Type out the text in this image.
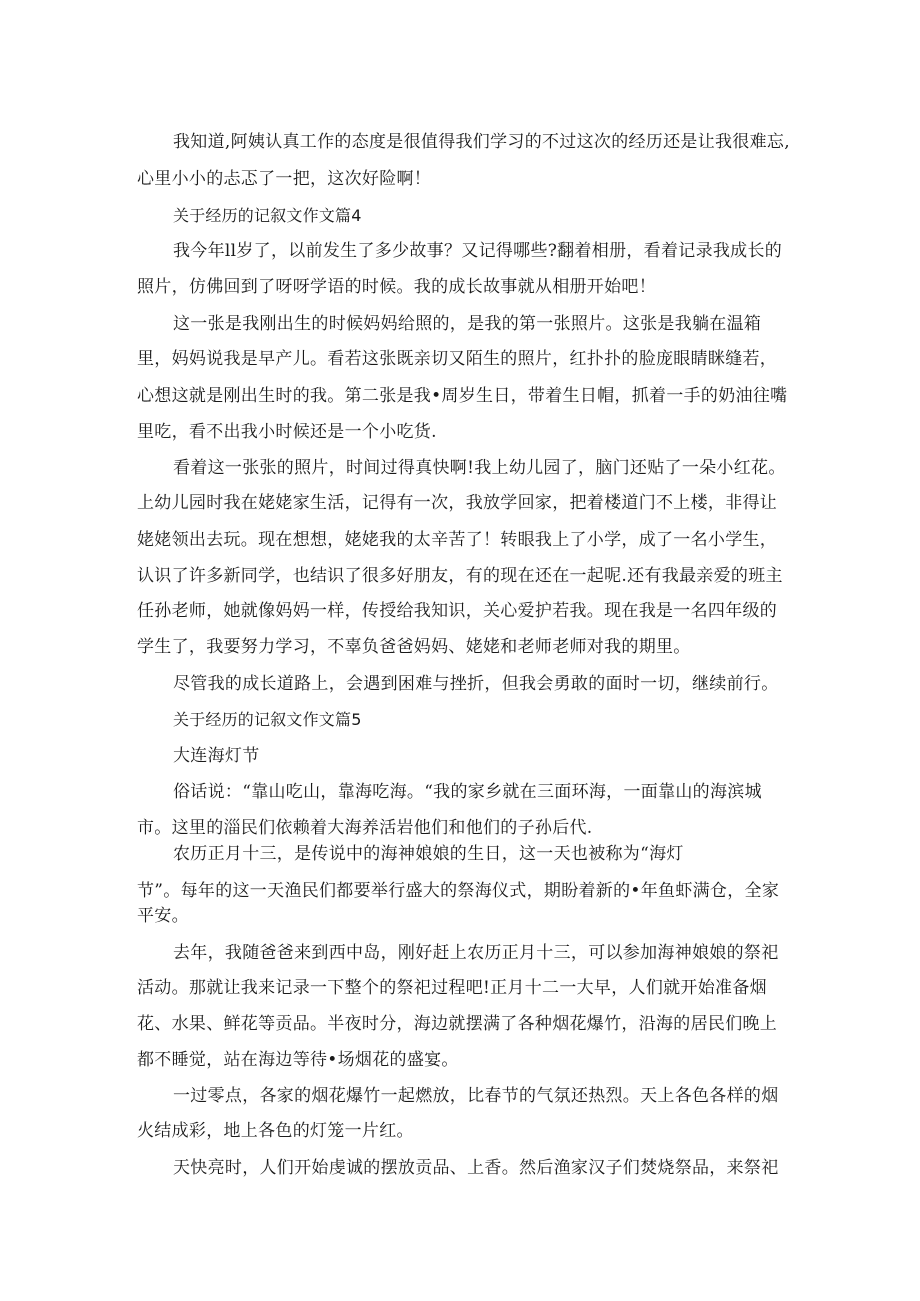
我知道,阿姨认真工作的态度是很值得我们学习的不过这次的经历还是让我很难忘,
心里小小的忐忑了一把，这次好险啊！
关于经历的记叙文作文篇4
我今年ll岁了，以前发生了多少故事？又记得哪些?翻着相册，看着记录我成长的
照片，仿佛回到了呀呀学语的时候。我的成长故事就从相册开始吧！
这一张是我刚出生的时候妈妈给照的，是我的第一张照片。这张是我躺在温箱
里，妈妈说我是早产儿。看若这张既亲切又陌生的照片，红扑扑的脸庞眼睛眯缝若，
心想这就是刚出生时的我。第二张是我•周岁生日，带着生日帽，抓着一手的奶油往嘴
里吃，看不出我小时候还是一个小吃货.
看着这一张张的照片，时间过得真快啊!我上幼儿园了，脑门还贴了一朵小红花。
上幼儿园时我在姥姥家生活，记得有一次，我放学回家，把着楼道门不上楼，非得让
姥姥领出去玩。现在想想，姥姥我的太辛苦了！转眼我上了小学，成了一名小学生，
认识了许多新同学，也结识了很多好朋友，有的现在还在一起呢.还有我最亲爱的班主
任孙老师，她就像妈妈一样，传授给我知识，关心爱护若我。现在我是一名四年级的
学生了，我要努力学习，不辜负爸爸妈妈、姥姥和老师老师对我的期里。
尽管我的成长道路上，会遇到困难与挫折，但我会勇敢的面时一切，继续前行。
关于经历的记叙文作文篇5
大连海灯节
俗话说：“靠山吃山，靠海吃海。“我的家乡就在三面环海，一面靠山的海滨城
市。这里的淄民们依赖着大海养活岩他们和他们的子孙后代.
农历正月十三，是传说中的海神娘娘的生日，这一天也被称为“海灯
节”。每年的这一天渔民们都要举行盛大的祭海仪式，期盼着新的•年鱼虾满仓，全家
平安。
去年，我随爸爸来到西中岛，刚好赶上农历正月十三，可以参加海神娘娘的祭祀
活动。那就让我来记录一下整个的祭祀过程吧!正月十二一大早，人们就开始准备烟
花、水果、鲜花等贡品。半夜时分，海边就摆满了各种烟花爆竹，沿海的居民们晚上
都不睡觉，站在海边等待•场烟花的盛宴。
一过零点，各家的烟花爆竹一起燃放，比春节的气氛还热烈。天上各色各样的烟
火结成彩，地上各色的灯笼一片红。
天快亮时，人们开始虔诚的摆放贡品、上香。然后渔家汉子们焚烧祭品，来祭祀
